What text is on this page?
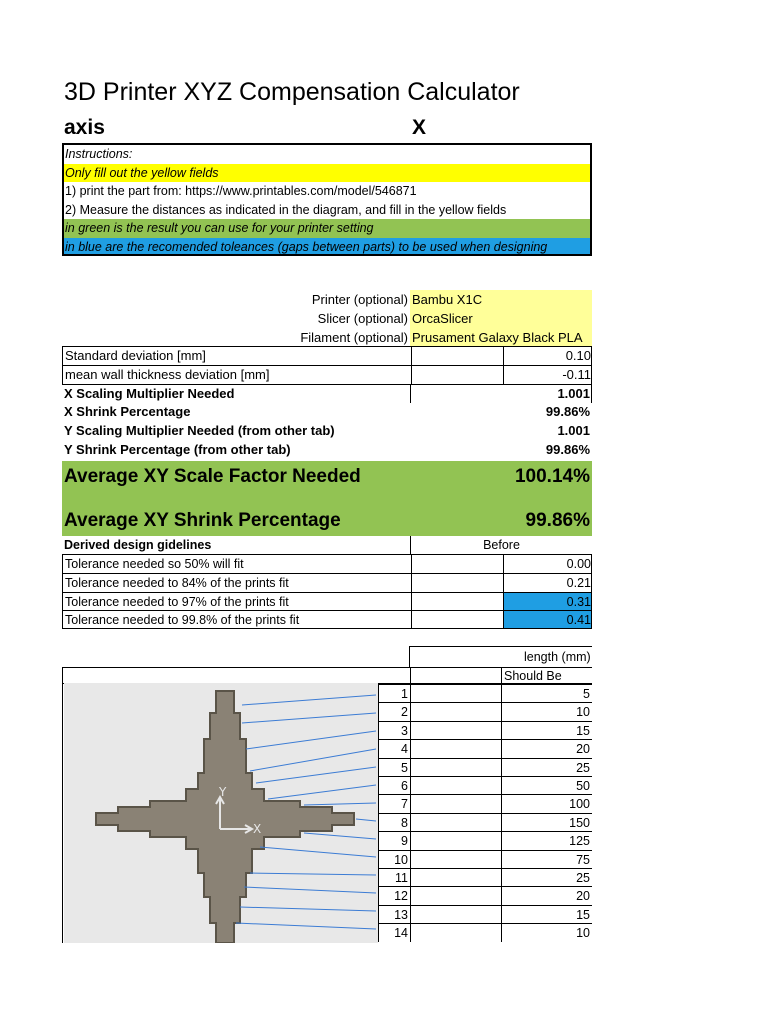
3D Printer XYZ Compensation Calculator
axis	X
Instructions:
Only fill out the yellow fields
1) print the part from: https://www.printables.com/model/546871
2) Measure the distances as indicated in the diagram, and fill in the yellow fields
in green is the result you can use for your printer setting
in blue are the recomended toleances (gaps between parts) to be used when designing
Printer (optional) Bambu X1C
Slicer (optional) OrcaSlicer
Filament (optional) Prusament Galaxy Black PLA
Standard deviation [mm]	0.10
mean wall thickness deviation [mm]	-0.11
X Scaling Multiplier Needed	1.001
X Shrink Percentage	99.86%
Y Scaling Multiplier Needed (from other tab)	1.001
Y Shrink Percentage (from other tab)	99.86%
Average XY Scale Factor Needed	100.14%
Average XY Shrink Percentage	99.86%
Derived design gidelines	Before
Tolerance needed so 50% will fit	0.00
Tolerance needed to 84% of the prints fit	0.21
Tolerance needed to 97% of the prints fit	0.31
Tolerance needed to 99.8% of the prints fit	0.41
length (mm)
Should Be
Y
X
1	5
2	10
3	15
4	20
5	25
6	50
7	100
8	150
9	125
10	75
11	25
12	20
13	15
14	10
